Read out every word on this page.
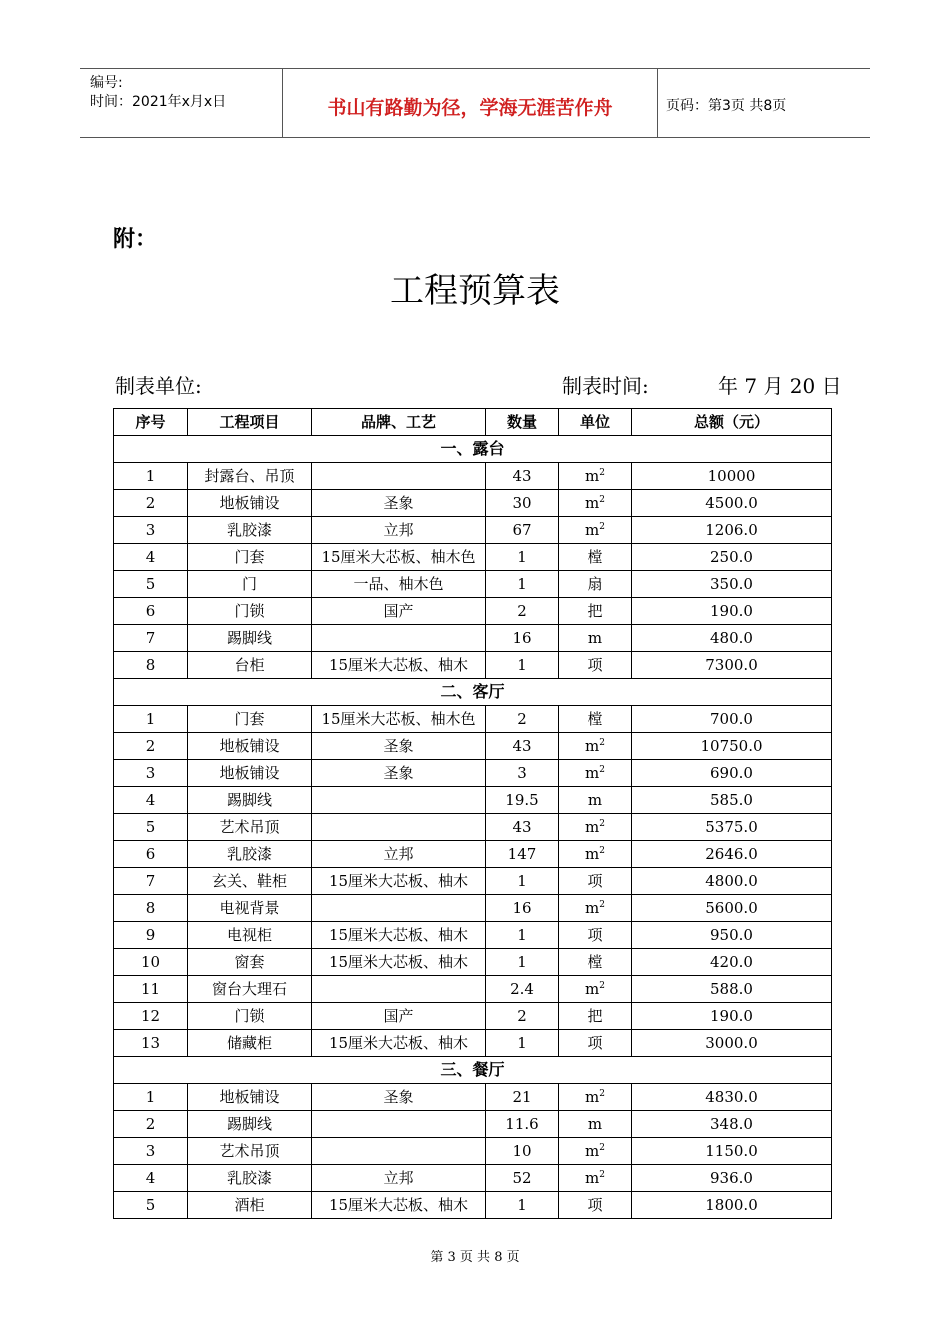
编号:
时间：2021年x月x日	书山有路勤为径，学海无涯苦作舟	页码：第3页 共8页
附：
工程预算表
制表单位:	制表时间:	年 7 月 20 日
序号	工程项目	品牌、工艺	数量	单位	总额（元）
一、露台					
1	封露台、吊顶		43	$m^2$	10000
2	地板铺设	圣象	30	$m^2$	4500.0
3	乳胶漆	立邦	67	$m^2$	1206.0
4	门套	15厘米大芯板、柚木色	1	樘	250.0
5	门	一品、柚木色	1	扇	350.0
6	门锁	国产	2	把	190.0
7	踢脚线		16	m	480.0
8	台柜	15厘米大芯板、柚木	1	项	7300.0
二、客厅					
1	门套	15厘米大芯板、柚木色	2	樘	700.0
2	地板铺设	圣象	43	$m^2$	10750.0
3	地板铺设	圣象	3	$m^2$	690.0
4	踢脚线		19.5	m	585.0
5	艺术吊顶		43	$m^2$	5375.0
6	乳胶漆	立邦	147	$m^2$	2646.0
7	玄关、鞋柜	15厘米大芯板、柚木	1	项	4800.0
8	电视背景		16	$m^2$	5600.0
9	电视柜	15厘米大芯板、柚木	1	项	950.0
10	窗套	15厘米大芯板、柚木	1	樘	420.0
11	窗台大理石		2.4	$m^2$	588.0
12	门锁	国产	2	把	190.0
13	储藏柜	15厘米大芯板、柚木	1	项	3000.0
三、餐厅					
1	地板铺设	圣象	21	$m^2$	4830.0
2	踢脚线		11.6	m	348.0
3	艺术吊顶		10	$m^2$	1150.0
4	乳胶漆	立邦	52	$m^2$	936.0
5	酒柜	15厘米大芯板、柚木	1	项	1800.0
第 3 页 共 8 页
